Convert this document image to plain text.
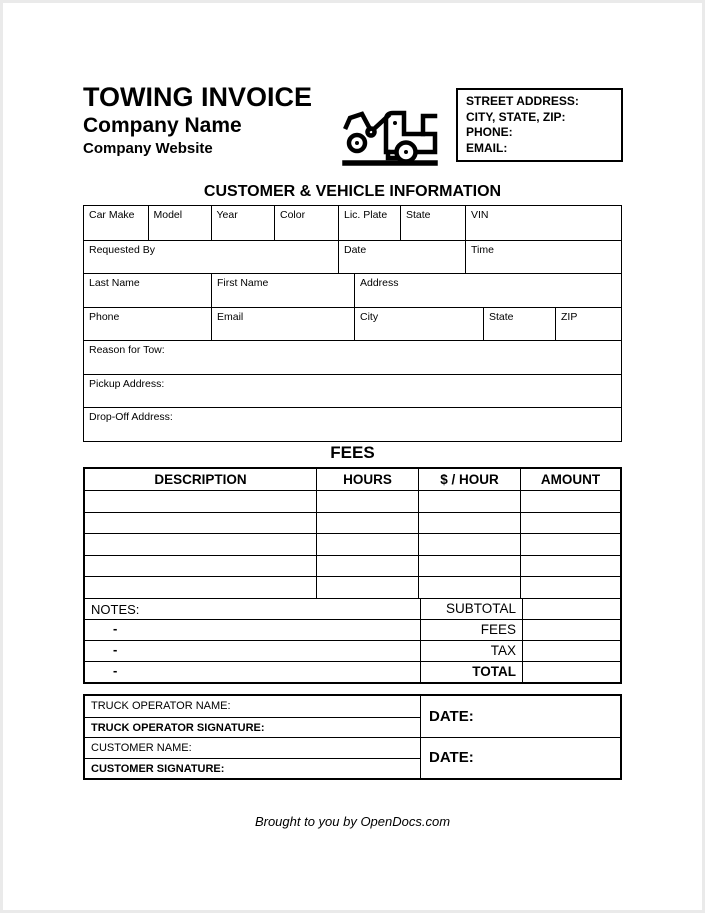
TOWING INVOICE
Company Name
Company Website
STREET ADDRESS:
CITY, STATE, ZIP:
PHONE:
EMAIL:
CUSTOMER & VEHICLE INFORMATION
Car Make	Model	Year	Color	Lic. Plate	State	VIN
Requested By	Date	Time
Last Name	First Name	Address
Phone	Email	City	State	ZIP
Reason for Tow:
Pickup Address:
Drop-Off Address:
FEES
DESCRIPTION	HOURS	$ / HOUR	AMOUNT
NOTES:	SUBTOTAL
-	FEES
-	TAX
-	TOTAL
TRUCK OPERATOR NAME:
TRUCK OPERATOR SIGNATURE:
CUSTOMER NAME:
CUSTOMER SIGNATURE:
DATE:
DATE:
Brought to you by OpenDocs.com
